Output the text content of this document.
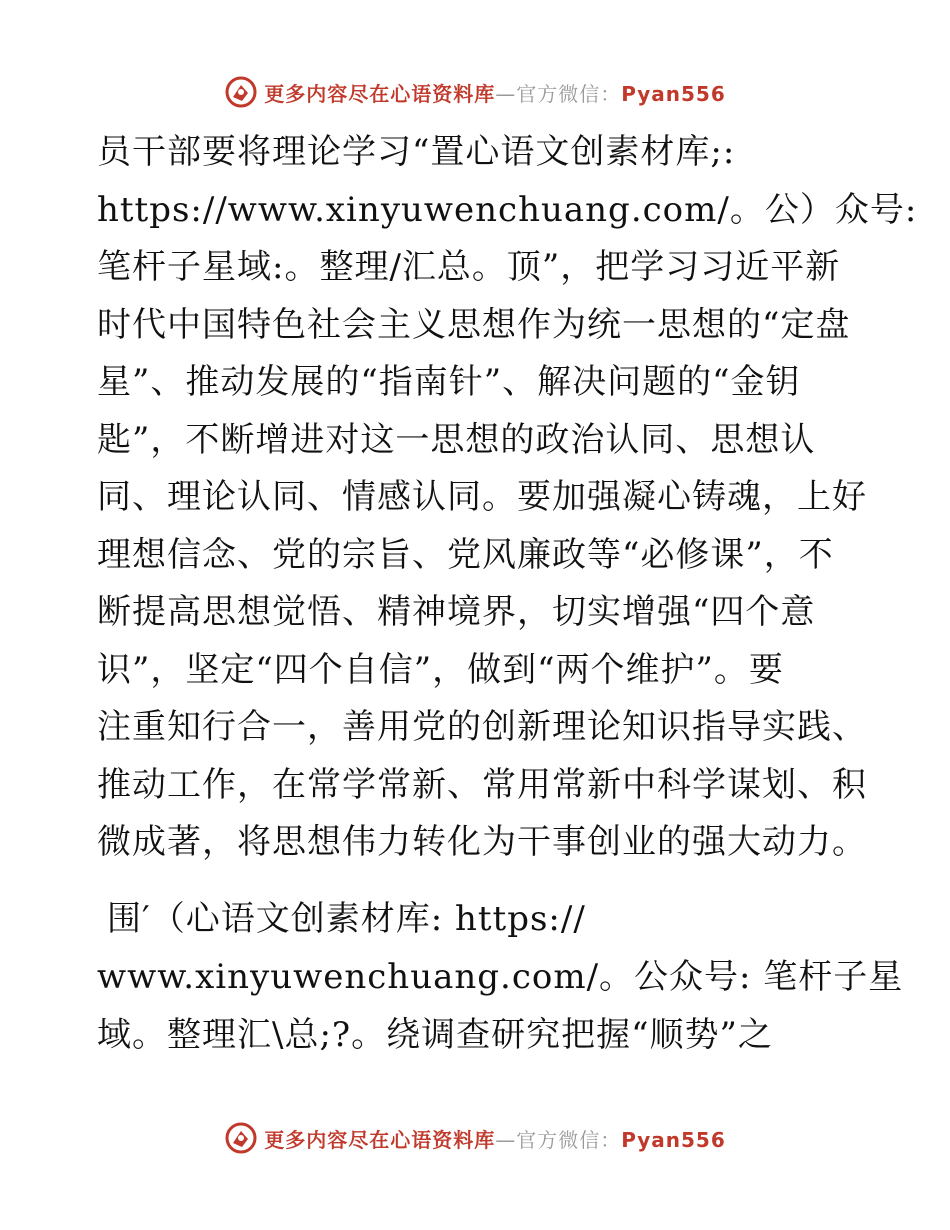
更多内容尽在心语资料库—官方微信：Pyan556
员干部要将理论学习“置心语文创素材库;:
https://www.xinyuwenchuang.com/。公）众号:
笔杆子星域:。整理/汇总。顶”，把学习习近平新
时代中国特色社会主义思想作为统一思想的“定盘
星”、推动发展的“指南针”、解决问题的“金钥
匙”，不断增进对这一思想的政治认同、思想认
同、理论认同、情感认同。要加强凝心铸魂，上好
理想信念、党的宗旨、党风廉政等“必修课”，不
断提高思想觉悟、精神境界，切实增强“四个意
识”，坚定“四个自信”，做到“两个维护”。要
注重知行合一，善用党的创新理论知识指导实践、
推动工作，在常学常新、常用常新中科学谋划、积
微成著，将思想伟力转化为干事创业的强大动力。
围′（心语文创素材库: https://
www.xinyuwenchuang.com/。公众号: 笔杆子星
域。整理汇\总;?。绕调查研究把握“顺势”之
更多内容尽在心语资料库—官方微信：Pyan556
